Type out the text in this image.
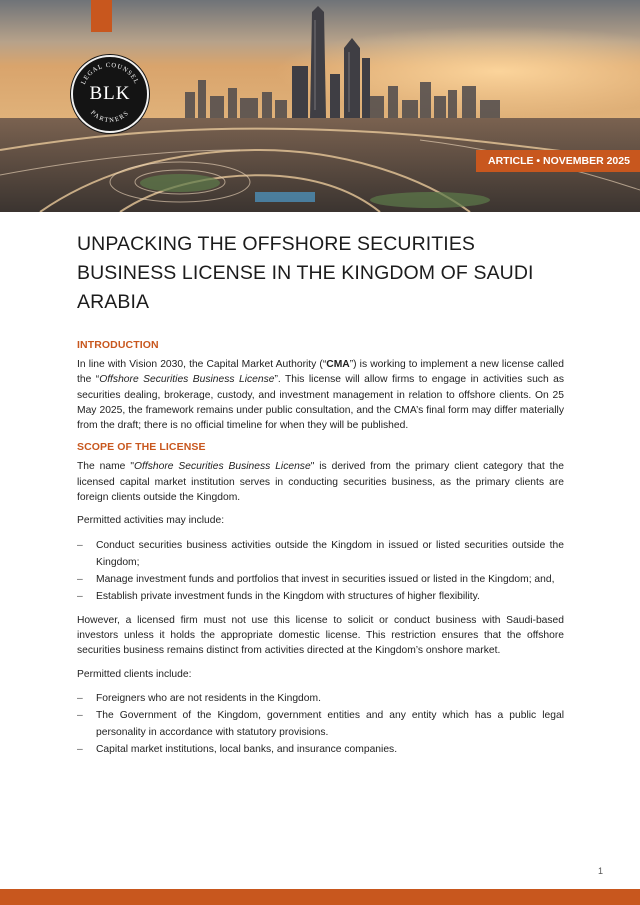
LEGAL COUNSEL
PARTNERS
BLK
ARTICLE • NOVEMBER 2025
UNPACKING THE OFFSHORE SECURITIES BUSINESS LICENSE IN THE KINGDOM OF SAUDI ARABIA
INTRODUCTION

In line with Vision 2030, the Capital Market Authority (“CMA”) is working to implement a new license called the “Offshore Securities Business License”. This license will allow firms to engage in activities such as securities dealing, brokerage, custody, and investment management in relation to offshore clients. On 25 May 2025, the framework remains under public consultation, and the CMA’s final form may differ materially from the draft; there is no official timeline for when they will be published.

SCOPE OF THE LICENSE

The name "Offshore Securities Business License" is derived from the primary client category that the licensed capital market institution serves in conducting securities business, as the primary clients are foreign clients outside the Kingdom.

Permitted activities may include:

– Conduct securities business activities outside the Kingdom in issued or listed securities outside the Kingdom;
– Manage investment funds and portfolios that invest in securities issued or listed in the Kingdom; and,
– Establish private investment funds in the Kingdom with structures of higher flexibility.

However, a licensed firm must not use this license to solicit or conduct business with Saudi-based investors unless it holds the appropriate domestic license. This restriction ensures that the offshore securities business remains distinct from activities directed at the Kingdom’s onshore market.

Permitted clients include:

– Foreigners who are not residents in the Kingdom.
– The Government of the Kingdom, government entities and any entity which has a public legal personality in accordance with statutory provisions.
– Capital market institutions, local banks, and insurance companies.
1
